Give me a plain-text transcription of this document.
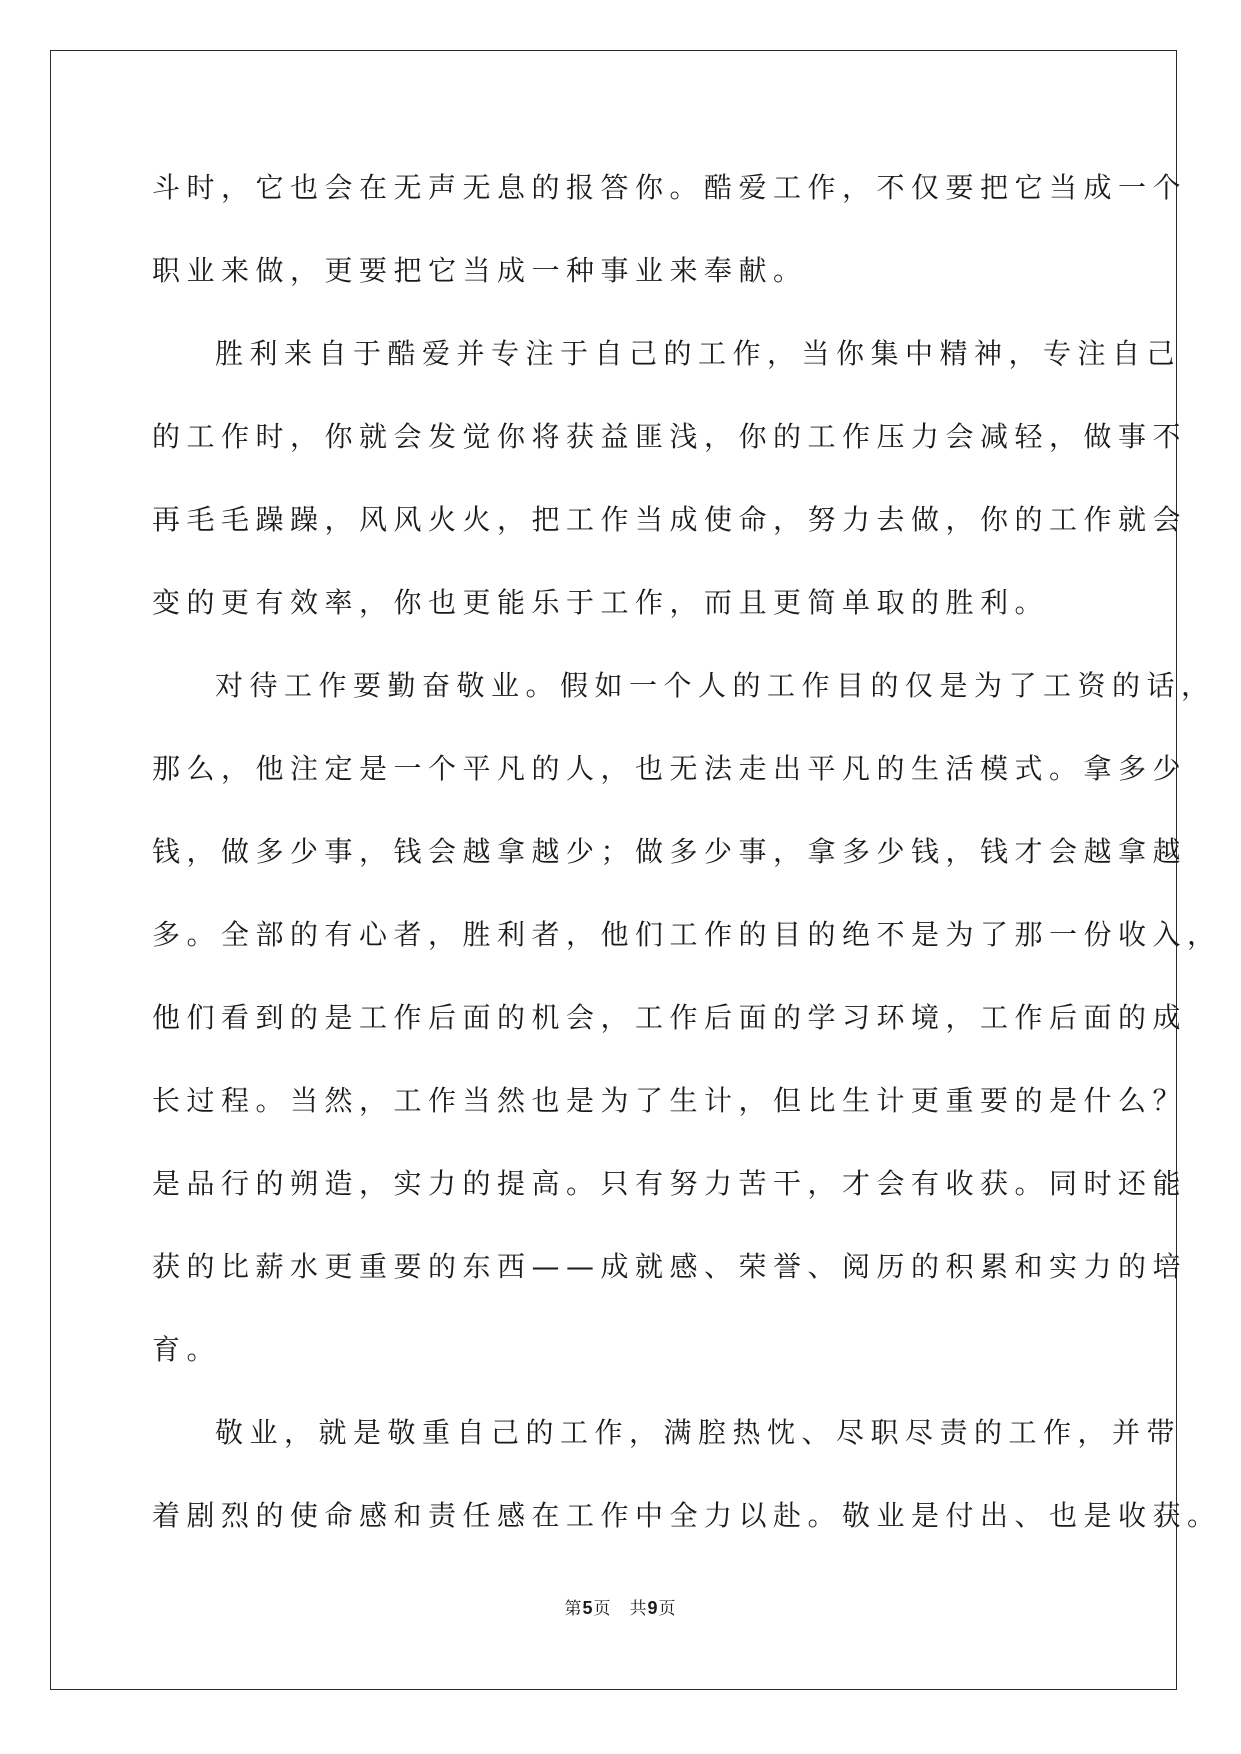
斗时，它也会在无声无息的报答你。酷爱工作，不仅要把它当成一个
职业来做，更要把它当成一种事业来奉献。
胜利来自于酷爱并专注于自己的工作，当你集中精神，专注自己
的工作时，你就会发觉你将获益匪浅，你的工作压力会减轻，做事不
再毛毛躁躁，风风火火，把工作当成使命，努力去做，你的工作就会
变的更有效率，你也更能乐于工作，而且更简单取的胜利。
对待工作要勤奋敬业。假如一个人的工作目的仅是为了工资的话，
那么，他注定是一个平凡的人，也无法走出平凡的生活模式。拿多少
钱，做多少事，钱会越拿越少；做多少事，拿多少钱，钱才会越拿越
多。全部的有心者，胜利者，他们工作的目的绝不是为了那一份收入，
他们看到的是工作后面的机会，工作后面的学习环境，工作后面的成
长过程。当然，工作当然也是为了生计，但比生计更重要的是什么？
是品行的朔造，实力的提高。只有努力苦干，才会有收获。同时还能
获的比薪水更重要的东西——成就感、荣誉、阅历的积累和实力的培
育。
敬业，就是敬重自己的工作，满腔热忱、尽职尽责的工作，并带
着剧烈的使命感和责任感在工作中全力以赴。敬业是付出、也是收获。
第5页　共9页
